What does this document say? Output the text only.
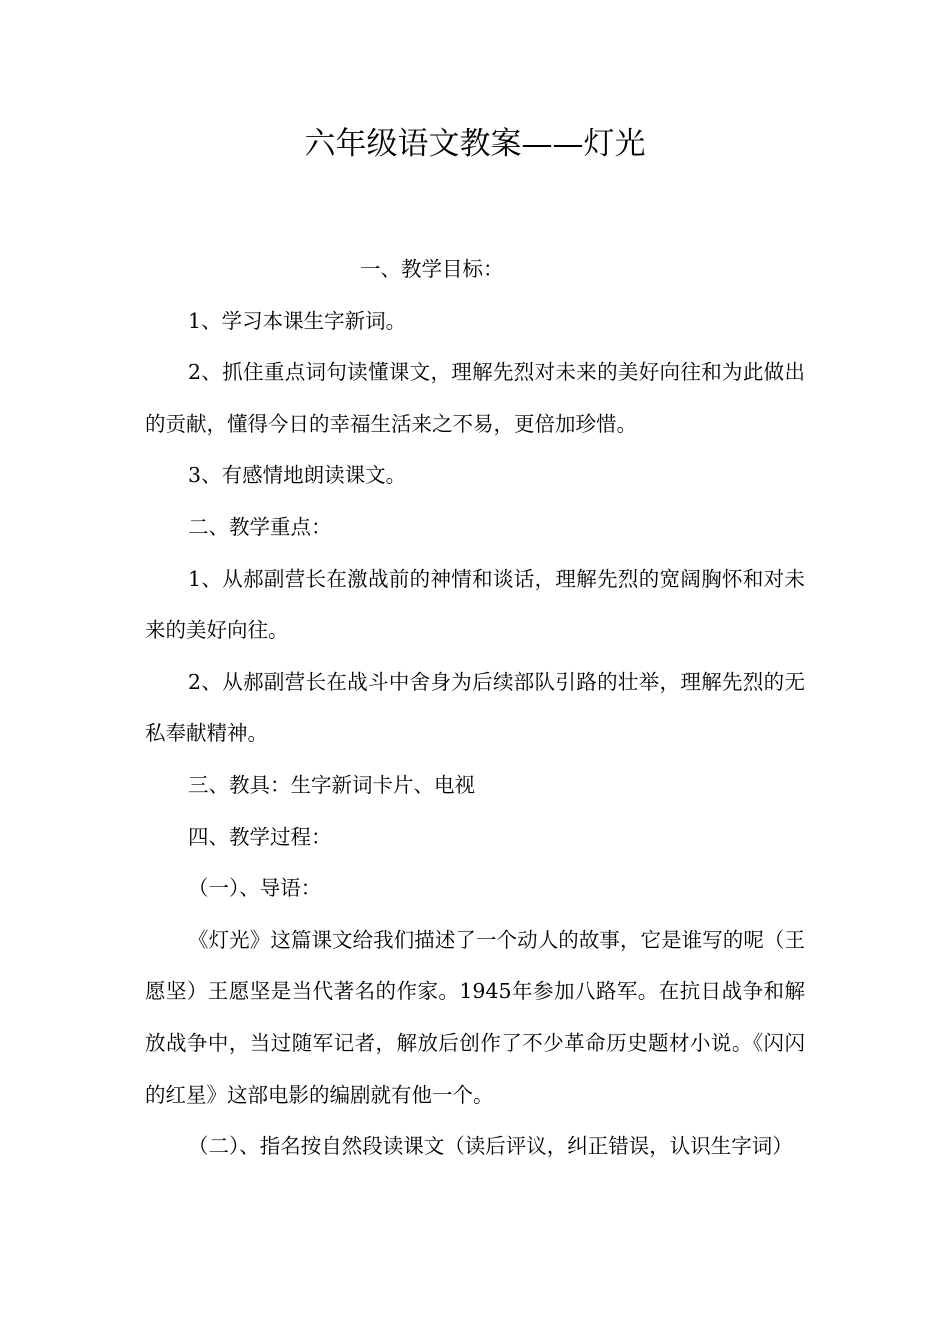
六年级语文教案——灯光

一、教学目标：

1、学习本课生字新词。

2、抓住重点词句读懂课文，理解先烈对未来的美好向往和为此做出的贡献，懂得今日的幸福生活来之不易，更倍加珍惜。

3、有感情地朗读课文。

二、教学重点：

1、从郝副营长在激战前的神情和谈话，理解先烈的宽阔胸怀和对未来的美好向往。

2、从郝副营长在战斗中舍身为后续部队引路的壮举，理解先烈的无私奉献精神。

三、教具：生字新词卡片、电视

四、教学过程：

（一）、导语：

《灯光》这篇课文给我们描述了一个动人的故事，它是谁写的呢（王愿坚）王愿坚是当代著名的作家。1945年参加八路军。在抗日战争和解放战争中，当过随军记者，解放后创作了不少革命历史题材小说。《闪闪的红星》这部电影的编剧就有他一个。

（二）、指名按自然段读课文（读后评议，纠正错误，认识生字词）
